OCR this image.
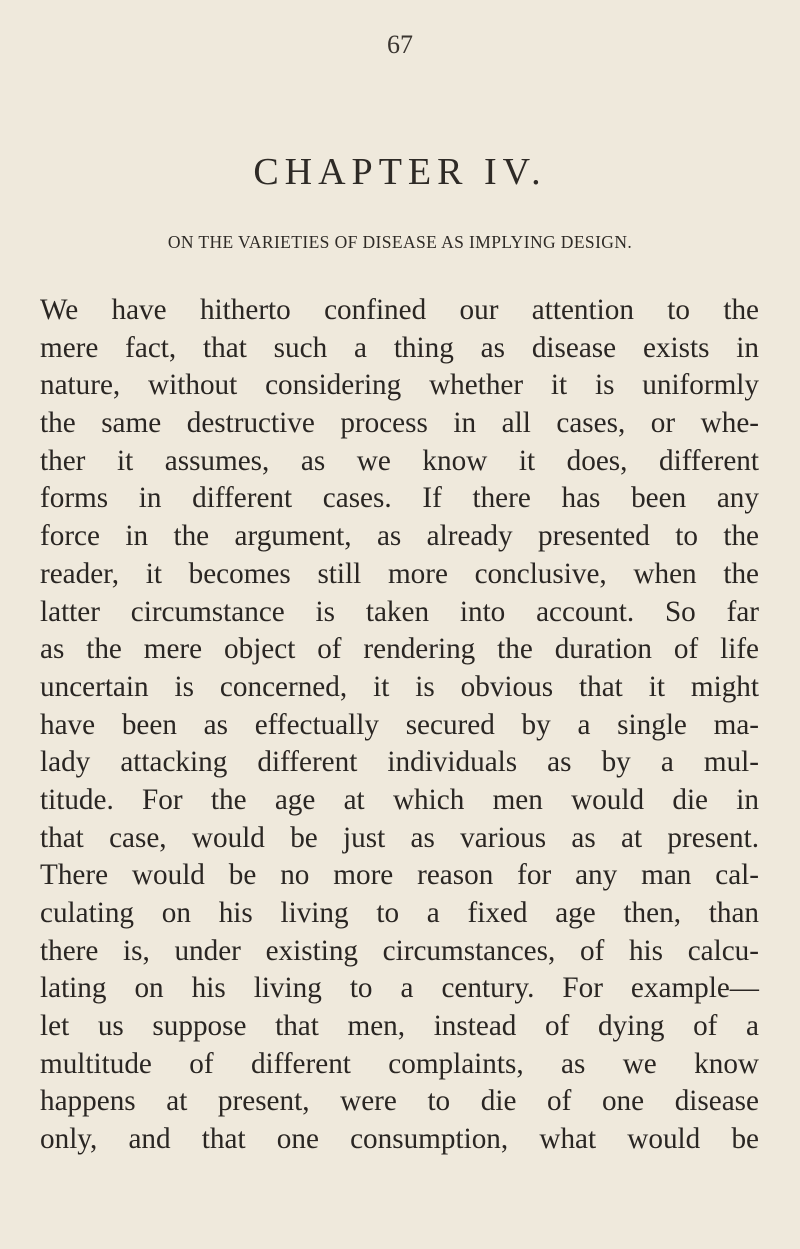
67
CHAPTER IV.
ON THE VARIETIES OF DISEASE AS IMPLYING DESIGN.
We have hitherto confined our attention to the
mere fact, that such a thing as disease exists in
nature, without considering whether it is uniformly
the same destructive process in all cases, or whe-
ther it assumes, as we know it does, different
forms in different cases. If there has been any
force in the argument, as already presented to the
reader, it becomes still more conclusive, when the
latter circumstance is taken into account. So far
as the mere object of rendering the duration of life
uncertain is concerned, it is obvious that it might
have been as effectually secured by a single ma-
lady attacking different individuals as by a mul-
titude. For the age at which men would die in
that case, would be just as various as at present.
There would be no more reason for any man cal-
culating on his living to a fixed age then, than
there is, under existing circumstances, of his calcu-
lating on his living to a century. For example—
let us suppose that men, instead of dying of a
multitude of different complaints, as we know
happens at present, were to die of one disease
only, and that one consumption, what would be
